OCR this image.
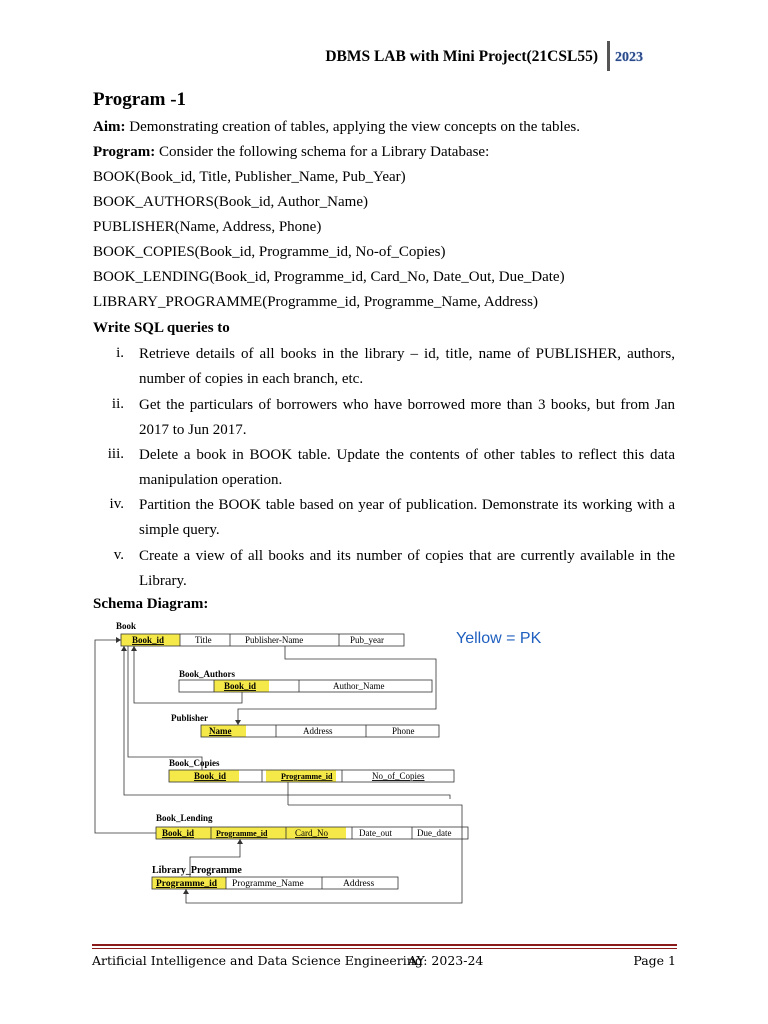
DBMS LAB with Mini Project(21CSL55) 2023
Program -1
Aim: Demonstrating creation of tables, applying the view concepts on the tables.
Program: Consider the following schema for a Library Database:
BOOK(Book_id, Title, Publisher_Name, Pub_Year)
BOOK_AUTHORS(Book_id, Author_Name)
PUBLISHER(Name, Address, Phone)
BOOK_COPIES(Book_id, Programme_id, No-of_Copies)
BOOK_LENDING(Book_id, Programme_id, Card_No, Date_Out, Due_Date)
LIBRARY_PROGRAMME(Programme_id, Programme_Name, Address)
Write SQL queries to
i. Retrieve details of all books in the library – id, title, name of PUBLISHER, authors, number of copies in each branch, etc.
ii. Get the particulars of borrowers who have borrowed more than 3 books, but from Jan 2017 to Jun 2017.
iii. Delete a book in BOOK table. Update the contents of other tables to reflect this data manipulation operation.
iv. Partition the BOOK table based on year of publication. Demonstrate its working with a simple query.
v. Create a view of all books and its number of copies that are currently available in the Library.
Schema Diagram:
Book
Book_id	Title	Publisher-Name	Pub_year
Book_Authors
Book_id	Author_Name
Publisher
Name	Address	Phone
Book_Copies
Book_id	Programme_id	No_of_Copies
Book_Lending
Book_id	Programme_id	Card_No	Date_out	Due_date
Library_Programme
Programme_id Programme_Name	Address
Yellow = PK
Artificial Intelligence and Data Science Engineering
AY: 2023-24	Page 1
